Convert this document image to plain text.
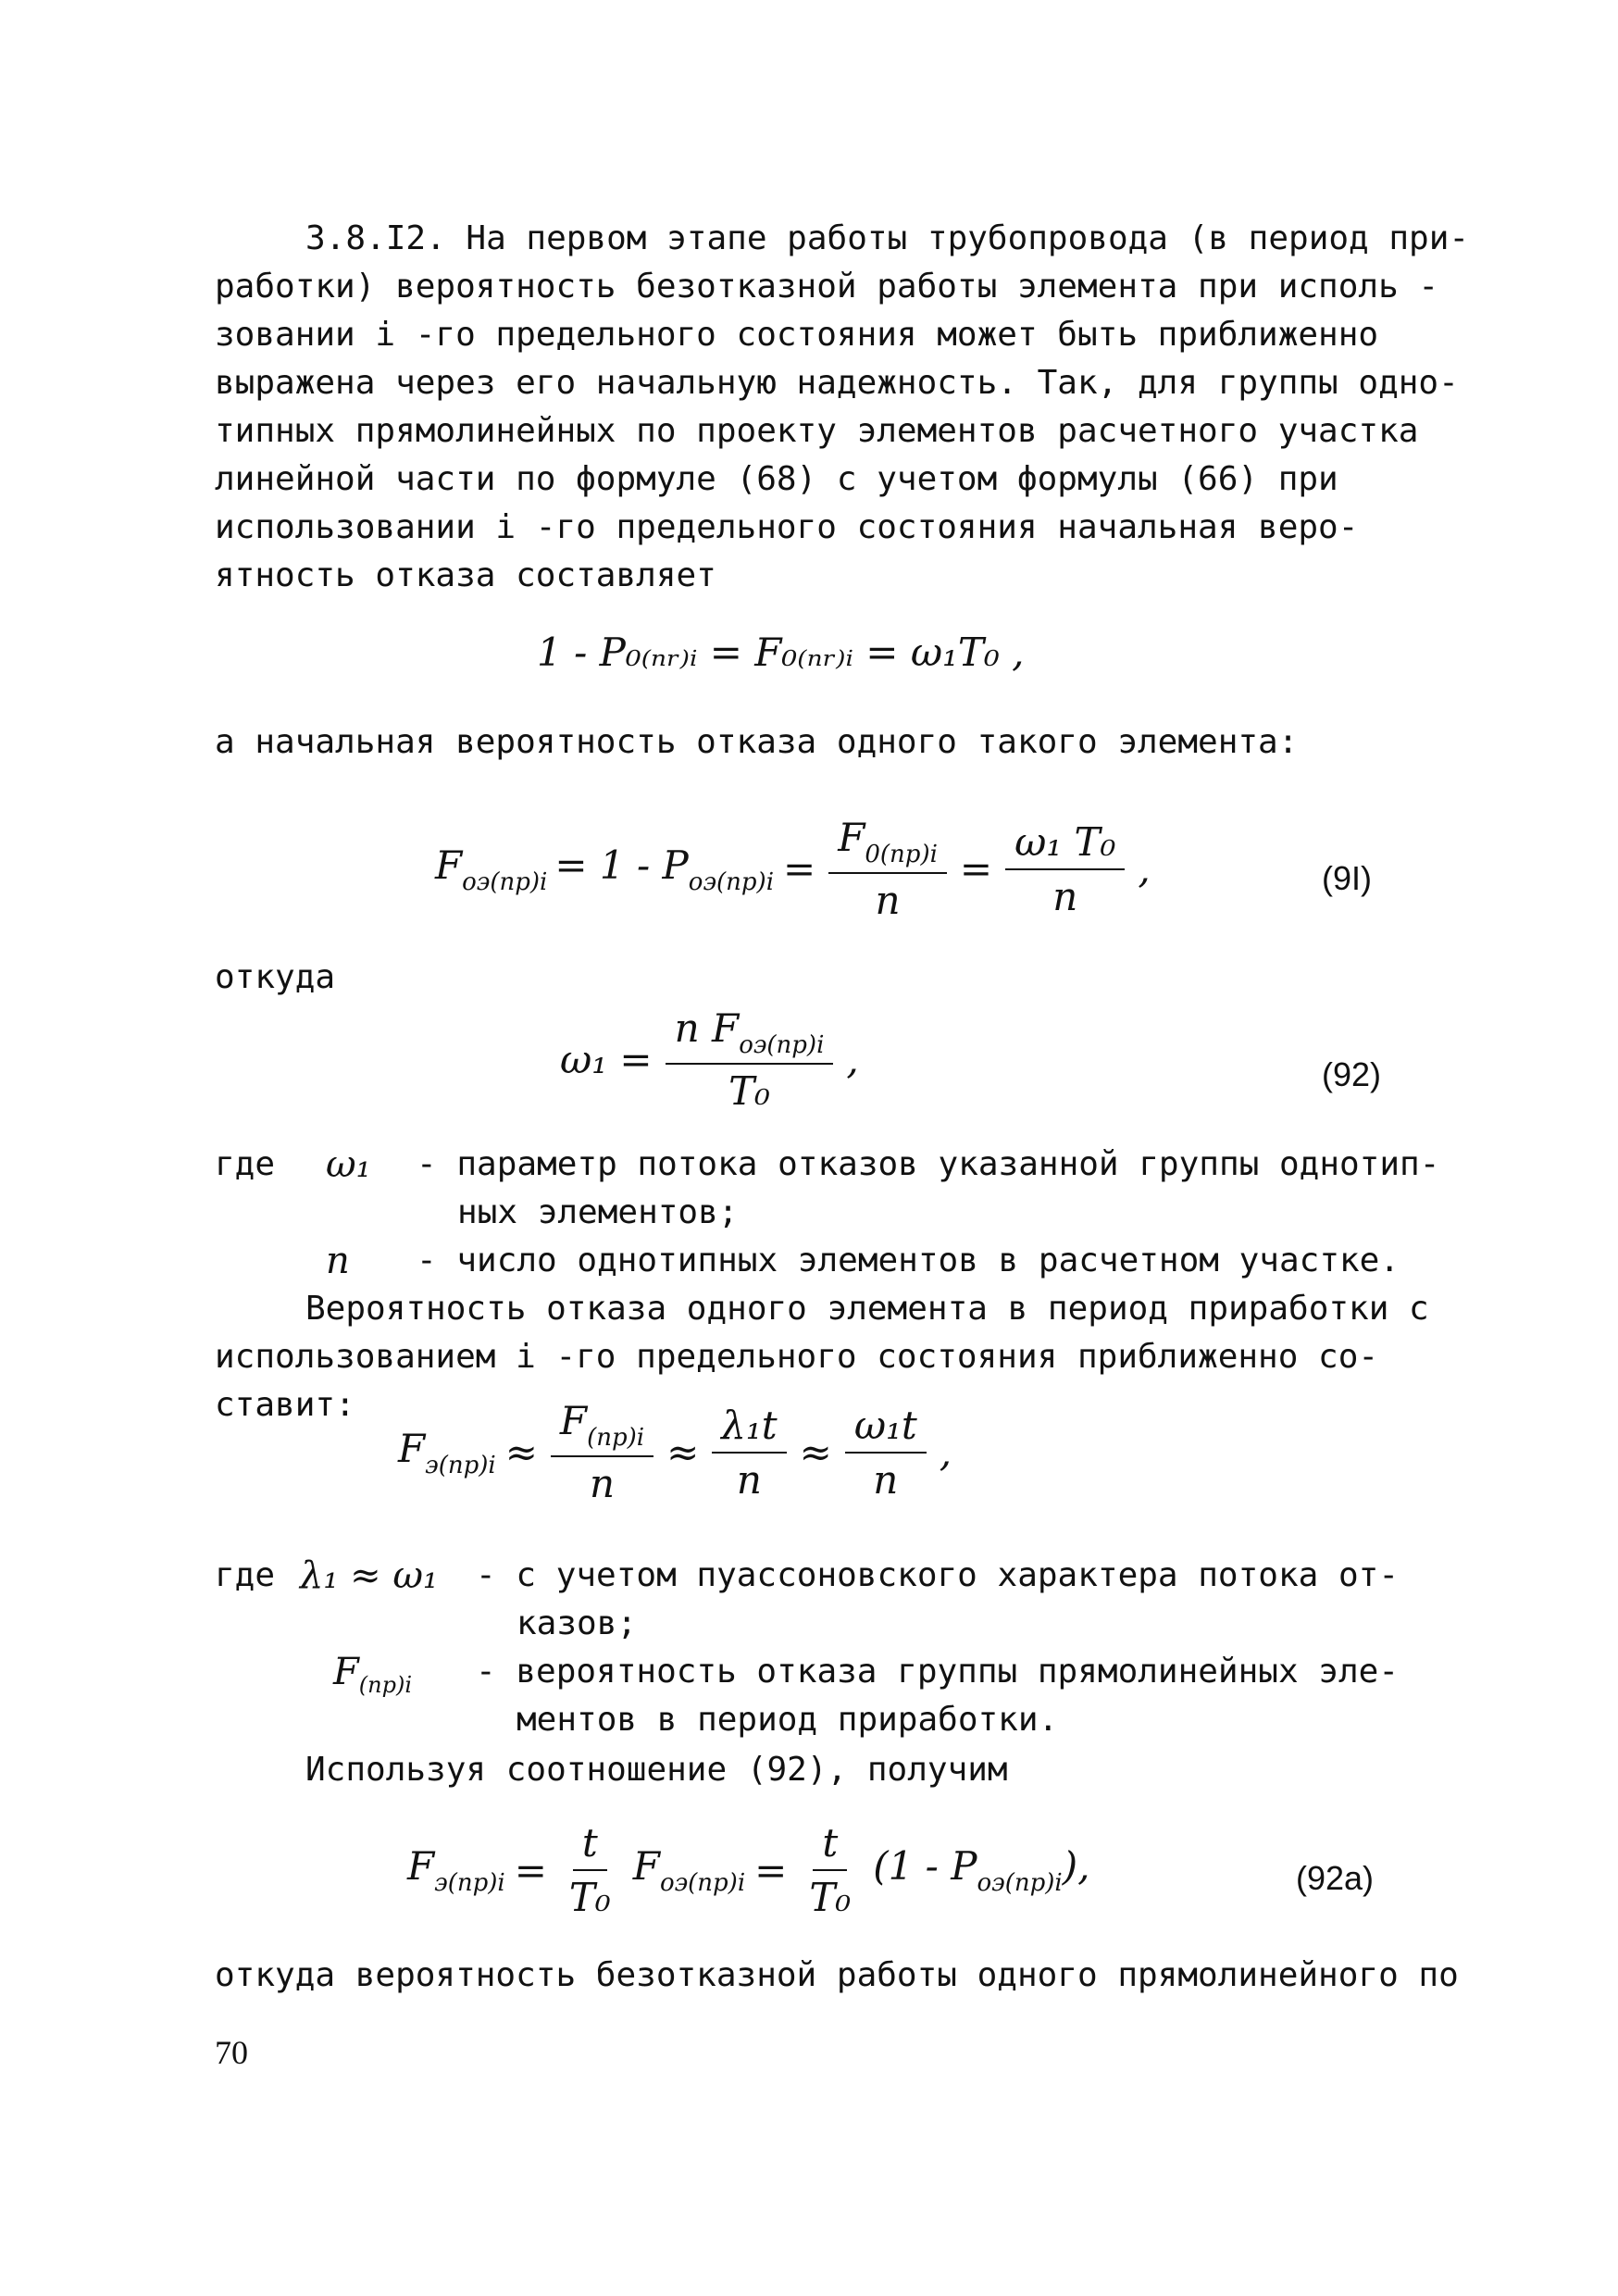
3.8.I2. На первом этапе работы трубопровода (в период при-
работки) вероятность безотказной работы элемента при исполь -
зовании i -го предельного состояния может быть приближенно
выражена через его начальную надежность. Так, для группы одно-
типных прямолинейных по проекту элементов расчетного участка
линейной части по формуле (68) с учетом формулы (66) при
использовании i -го предельного состояния начальная веро-
ятность отказа составляет
1 - P₀₍ₙᵣ₎ᵢ = F₀₍ₙᵣ₎ᵢ = ω₁T₀ ,
а начальная вероятность отказа одного такого элемента:
$F_{оэ(пр)i} = 1 - P_{оэ(пр)i} = \frac{F_{0(пр)i}}{n} = \frac{\text{ω₁ T₀}}{n}$ ,	(9I)
откуда
$\omega_1 = \frac{n F_{оэ(пр)i}}{\text{T₀}}$ ,	(92)
где ω₁ - параметр потока отказов указанной группы однотип-
ных элементов;
n - число однотипных элементов в расчетном участке.
Вероятность отказа одного элемента в период приработки с
использованием i -го предельного состояния приближенно со-
ставит:
$F_{э(пр)i} \approx \frac{F_{(пр)i}}{n} \approx \frac{\text{λ₁t}}{n} \approx \frac{\text{ω₁t}}{n}$ ,
где λ₁ ≈ ω₁ - с учетом пуассоновского характера потока от-
казов;
$F_{(пр)i}$ - вероятность отказа группы прямолинейных эле-
ментов в период приработки.
Используя соотношение (92), получим
$F_{э(пр)i} = \frac{t}{\text{T₀}} F_{оэ(пр)i} = \frac{t}{\text{T₀}} (1 - P_{оэ(пр)i})$,	(92а)
откуда вероятность безотказной работы одного прямолинейного по
70
